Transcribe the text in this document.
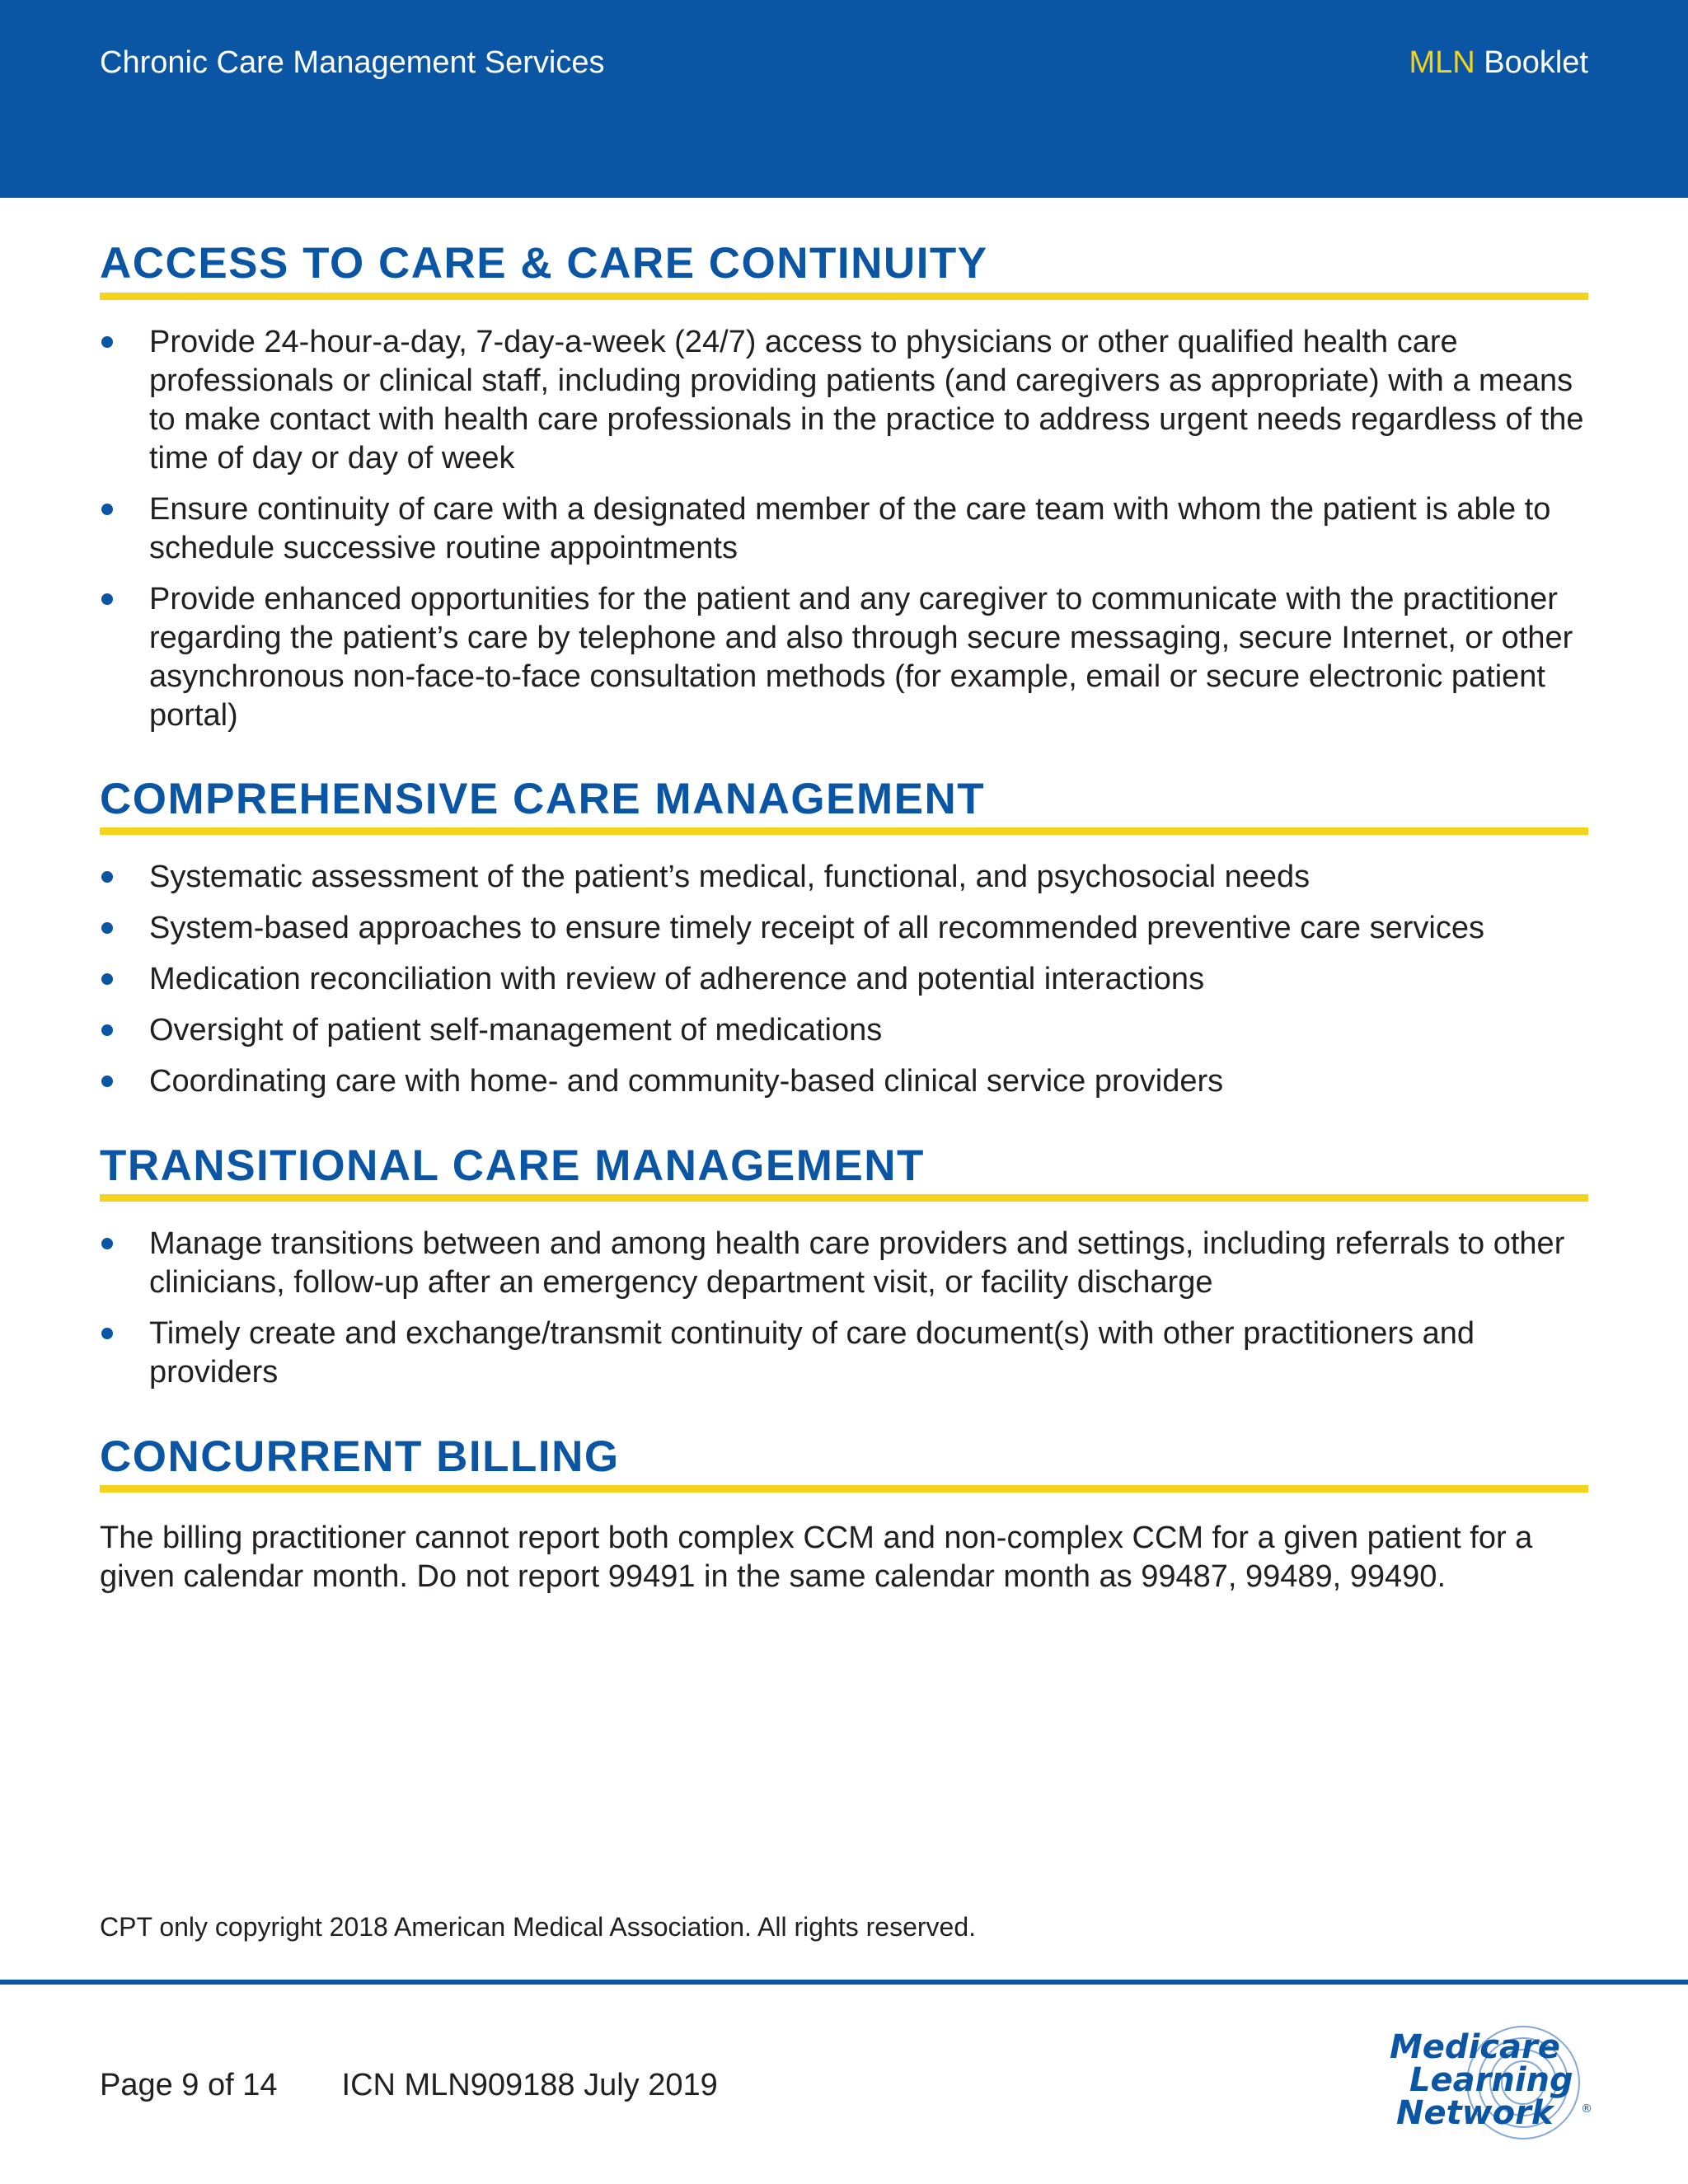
Chronic Care Management Services	MLN Booklet
ACCESS TO CARE & CARE CONTINUITY
Provide 24-hour-a-day, 7-day-a-week (24/7) access to physicians or other qualified health care professionals or clinical staff, including providing patients (and caregivers as appropriate) with a means to make contact with health care professionals in the practice to address urgent needs regardless of the time of day or day of week
Ensure continuity of care with a designated member of the care team with whom the patient is able to schedule successive routine appointments
Provide enhanced opportunities for the patient and any caregiver to communicate with the practitioner regarding the patient’s care by telephone and also through secure messaging, secure Internet, or other asynchronous non-face-to-face consultation methods (for example, email or secure electronic patient portal)
COMPREHENSIVE CARE MANAGEMENT
Systematic assessment of the patient’s medical, functional, and psychosocial needs
System-based approaches to ensure timely receipt of all recommended preventive care services
Medication reconciliation with review of adherence and potential interactions
Oversight of patient self-management of medications
Coordinating care with home- and community-based clinical service providers
TRANSITIONAL CARE MANAGEMENT
Manage transitions between and among health care providers and settings, including referrals to other clinicians, follow-up after an emergency department visit, or facility discharge
Timely create and exchange/transmit continuity of care document(s) with other practitioners and providers
CONCURRENT BILLING
The billing practitioner cannot report both complex CCM and non-complex CCM for a given patient for a given calendar month. Do not report 99491 in the same calendar month as 99487, 99489, 99490.
CPT only copyright 2018 American Medical Association. All rights reserved.
Page 9 of 14 ICN MLN909188 July 2019
Medicare
Learning
Network ®
